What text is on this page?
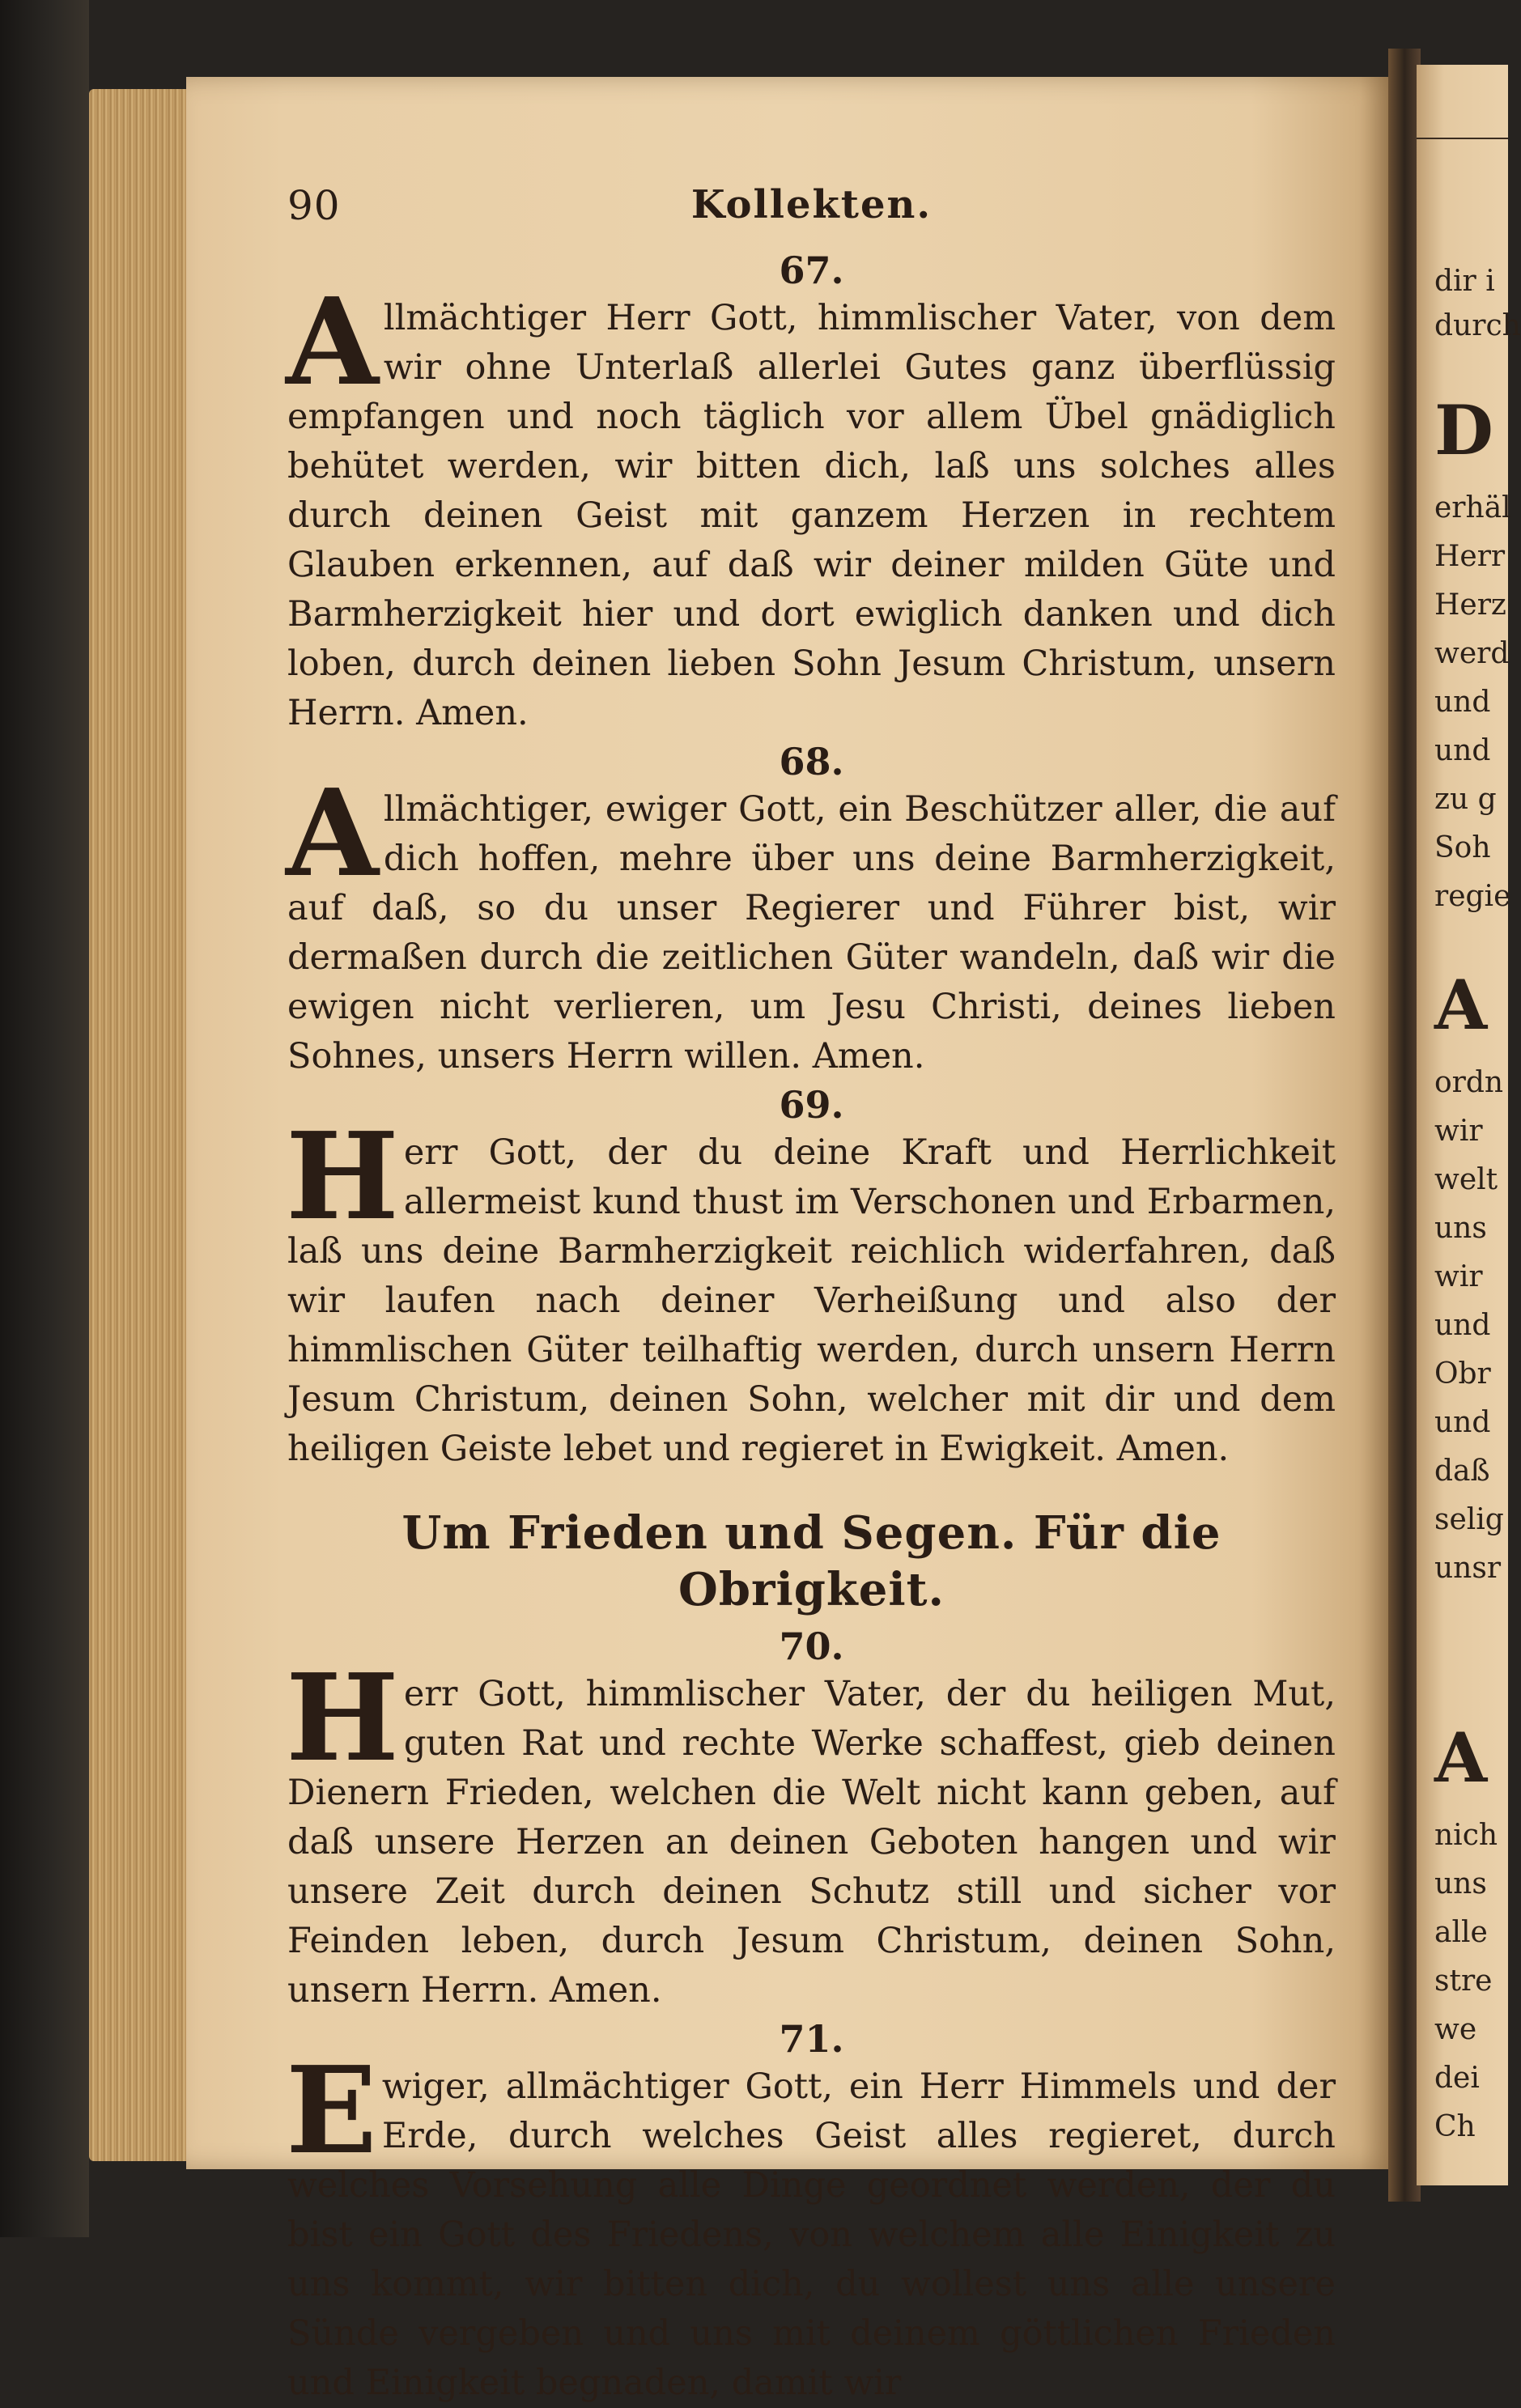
dir i
durch
D
erhäl
Herr
Herz
werd
und
und
zu g
Soh
regie
A
ordn
wir
welt
uns
wir
und
Obr
und
daß
selig
unsr
A
nich
uns
alle
stre
we
dei
Ch
90	Kollekten.
67.

Allmächtiger Herr Gott, himmlischer Vater, von dem wir ohne Unterlaß allerlei Gutes ganz überflüssig empfangen und noch täglich vor allem Übel gnädiglich behütet werden, wir bitten dich, laß uns solches alles durch deinen Geist mit ganzem Herzen in rechtem Glauben erkennen, auf daß wir deiner milden Güte und Barmherzigkeit hier und dort ewiglich danken und dich loben, durch deinen lieben Sohn Jesum Christum, unsern Herrn. Amen.

68.

Allmächtiger, ewiger Gott, ein Beschützer aller, die auf dich hoffen, mehre über uns deine Barmherzigkeit, auf daß, so du unser Regierer und Führer bist, wir dermaßen durch die zeitlichen Güter wandeln, daß wir die ewigen nicht verlieren, um Jesu Christi, deines lieben Sohnes, unsers Herrn willen. Amen.

69.

Herr Gott, der du deine Kraft und Herrlichkeit allermeist kund thust im Verschonen und Erbarmen, laß uns deine Barmherzigkeit reichlich widerfahren, daß wir laufen nach deiner Verheißung und also der himmlischen Güter teilhaftig werden, durch unsern Herrn Jesum Christum, deinen Sohn, welcher mit dir und dem heiligen Geiste lebet und regieret in Ewigkeit. Amen.

Um Frieden und Segen. Für die Obrigkeit.
70.

Herr Gott, himmlischer Vater, der du heiligen Mut, guten Rat und rechte Werke schaffest, gieb deinen Dienern Frieden, welchen die Welt nicht kann geben, auf daß unsere Herzen an deinen Geboten hangen und wir unsere Zeit durch deinen Schutz still und sicher vor Feinden leben, durch Jesum Christum, deinen Sohn, unsern Herrn. Amen.

71.

Ewiger, allmächtiger Gott, ein Herr Himmels und der Erde, durch welches Geist alles regieret, durch welches Vorsehung alle Dinge geordnet werden, der du bist ein Gott des Friedens, von welchem alle Einigkeit zu uns kommt, wir bitten dich, du wollest uns alle unsere Sünde vergeben und uns mit deinem göttlichen Frieden und Einigkeit begnaden, damit wir
